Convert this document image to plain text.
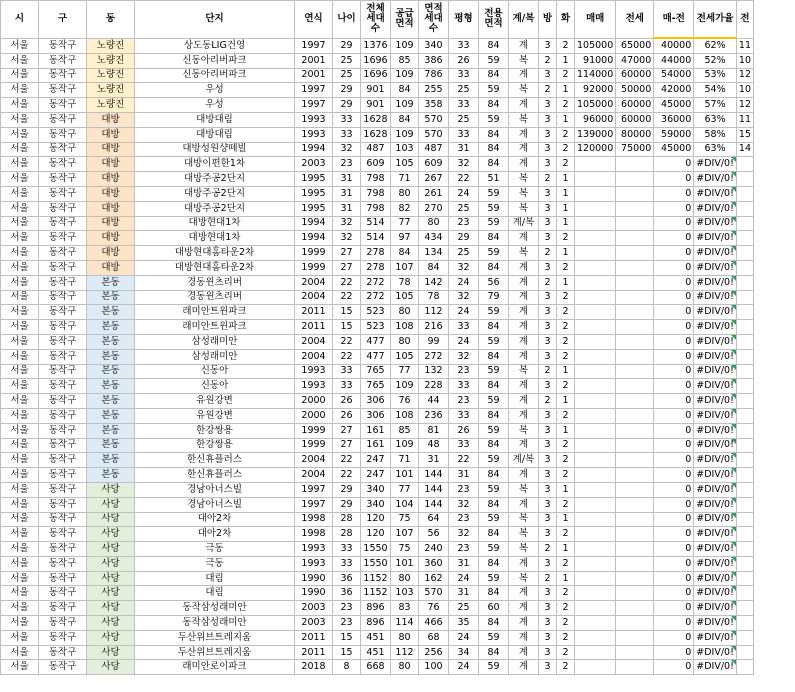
시	구	동	단지	연식	나이	전체세대수	공급면적	면적세대수	평형	전용면적	계/복	방	화	매매	전세	매-전	전세가율	전
서울	동작구	노량진	상도동LIG건영	1997	29	1376	109	340	33	84	계	3	2	105000	65000	40000	62%	11
서울	동작구	노량진	신동아리버파크	2001	25	1696	85	386	26	59	복	2	1	91000	47000	44000	52%	10
서울	동작구	노량진	신동아리버파크	2001	25	1696	109	786	33	84	계	3	2	114000	60000	54000	53%	12
서울	동작구	노량진	우성	1997	29	901	84	255	25	59	복	2	1	92000	50000	42000	54%	10
서울	동작구	노량진	우성	1997	29	901	109	358	33	84	계	3	2	105000	60000	45000	57%	12
서울	동작구	대방	대방대림	1993	33	1628	84	570	25	59	복	3	1	96000	60000	36000	63%	11
서울	동작구	대방	대방대림	1993	33	1628	109	570	33	84	계	3	2	139000	80000	59000	58%	15
서울	동작구	대방	대방성원샹떼빌	1994	32	487	103	487	31	84	계	3	2	120000	75000	45000	63%	14
서울	동작구	대방	대방이편한1차	2003	23	609	105	609	32	84	계	3	2			0	#DIV/0!	
서울	동작구	대방	대방주공2단지	1995	31	798	71	267	22	51	복	2	1			0	#DIV/0!	
서울	동작구	대방	대방주공2단지	1995	31	798	80	261	24	59	복	3	1			0	#DIV/0!	
서울	동작구	대방	대방주공2단지	1995	31	798	82	270	25	59	복	3	1			0	#DIV/0!	
서울	동작구	대방	대방현대1차	1994	32	514	77	80	23	59	계/복	3	1			0	#DIV/0!	
서울	동작구	대방	대방현대1차	1994	32	514	97	434	29	84	계	3	2			0	#DIV/0!	
서울	동작구	대방	대방현대홈타운2차	1999	27	278	84	134	25	59	복	2	1			0	#DIV/0!	
서울	동작구	대방	대방현대홈타운2차	1999	27	278	107	84	32	84	계	3	2			0	#DIV/0!	
서울	동작구	본동	경동윈츠리버	2004	22	272	78	142	24	56	계	2	1			0	#DIV/0!	
서울	동작구	본동	경동윈츠리버	2004	22	272	105	78	32	79	계	3	2			0	#DIV/0!	
서울	동작구	본동	래미안트윈파크	2011	15	523	80	112	24	59	계	3	2			0	#DIV/0!	
서울	동작구	본동	래미안트윈파크	2011	15	523	108	216	33	84	계	3	2			0	#DIV/0!	
서울	동작구	본동	삼성래미안	2004	22	477	80	99	24	59	계	3	2			0	#DIV/0!	
서울	동작구	본동	삼성래미안	2004	22	477	105	272	32	84	계	3	2			0	#DIV/0!	
서울	동작구	본동	신동아	1993	33	765	77	132	23	59	복	2	1			0	#DIV/0!	
서울	동작구	본동	신동아	1993	33	765	109	228	33	84	계	3	2			0	#DIV/0!	
서울	동작구	본동	유원강변	2000	26	306	76	44	23	59	계	2	1			0	#DIV/0!	
서울	동작구	본동	유원강변	2000	26	306	108	236	33	84	계	3	2			0	#DIV/0!	
서울	동작구	본동	한강쌍용	1999	27	161	85	81	26	59	복	3	1			0	#DIV/0!	
서울	동작구	본동	한강쌍용	1999	27	161	109	48	33	84	계	3	2			0	#DIV/0!	
서울	동작구	본동	한신휴플러스	2004	22	247	71	31	22	59	계/복	3	2			0	#DIV/0!	
서울	동작구	본동	한신휴플러스	2004	22	247	101	144	31	84	계	3	2			0	#DIV/0!	
서울	동작구	사당	경남아너스빌	1997	29	340	77	144	23	59	복	3	1			0	#DIV/0!	
서울	동작구	사당	경남아너스빌	1997	29	340	104	144	32	84	계	3	2			0	#DIV/0!	
서울	동작구	사당	대아2차	1998	28	120	75	64	23	59	복	3	1			0	#DIV/0!	
서울	동작구	사당	대아2차	1998	28	120	107	56	32	84	복	3	2			0	#DIV/0!	
서울	동작구	사당	극동	1993	33	1550	75	240	23	59	복	2	1			0	#DIV/0!	
서울	동작구	사당	극동	1993	33	1550	101	360	31	84	계	3	2			0	#DIV/0!	
서울	동작구	사당	대림	1990	36	1152	80	162	24	59	복	2	1			0	#DIV/0!	
서울	동작구	사당	대림	1990	36	1152	103	570	31	84	계	3	2			0	#DIV/0!	
서울	동작구	사당	동작삼성래미안	2003	23	896	83	76	25	60	계	3	2			0	#DIV/0!	
서울	동작구	사당	동작삼성래미안	2003	23	896	114	466	35	84	계	3	2			0	#DIV/0!	
서울	동작구	사당	두산위브트레지움	2011	15	451	80	68	24	59	계	3	2			0	#DIV/0!	
서울	동작구	사당	두산위브트레지움	2011	15	451	112	256	34	84	계	3	2			0	#DIV/0!	
서울	동작구	사당	래미안로이파크	2018	8	668	80	100	24	59	계	3	2			0	#DIV/0!	
